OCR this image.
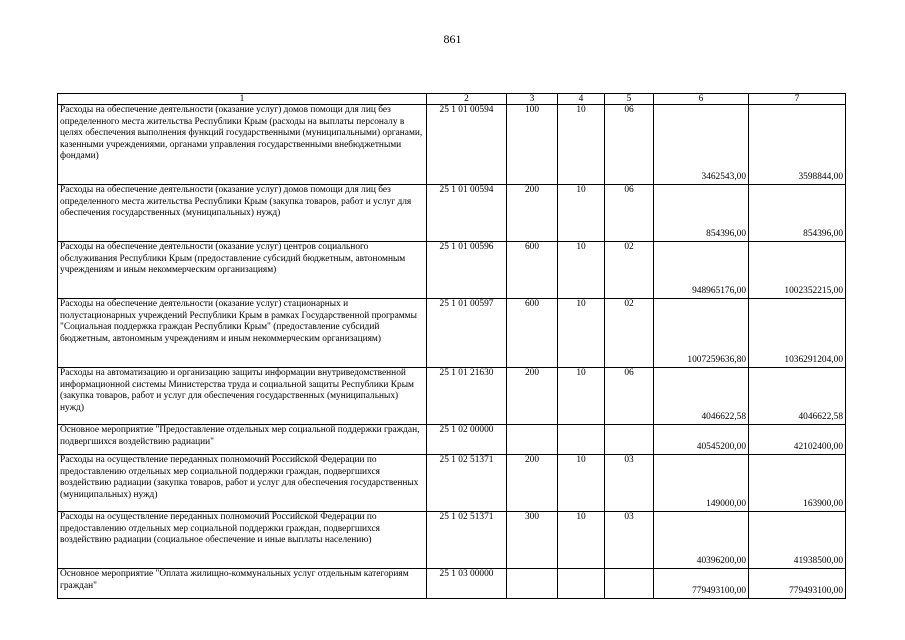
861
1	2	3	4	5	6	7
Расходы на обеспечение деятельности (оказание услуг) домов помощи для лиц без определенного места жительства Республики Крым (расходы на выплаты персоналу в целях обеспечения выполнения функций государственными (муниципальными) органами, казенными учреждениями, органами управления государственными внебюджетными фондами)	25 1 01 00594	100	10	06	3462543,00	3598844,00
Расходы на обеспечение деятельности (оказание услуг) домов помощи для лиц без определенного места жительства Республики Крым (закупка товаров, работ и услуг для обеспечения государственных (муниципальных) нужд)	25 1 01 00594	200	10	06	854396,00	854396,00
Расходы на обеспечение деятельности (оказание услуг) центров социального обслуживания Республики Крым (предоставление субсидий бюджетным, автономным учреждениям и иным некоммерческим организациям)	25 1 01 00596	600	10	02	948965176,00	1002352215,00
Расходы на обеспечение деятельности (оказание услуг) стационарных и полустационарных учреждений Республики Крым в рамках Государственной программы "Социальная поддержка граждан Республики Крым" (предоставление субсидий бюджетным, автономным учреждениям и иным некоммерческим организациям)	25 1 01 00597	600	10	02	1007259636,80	1036291204,00
Расходы на автоматизацию и организацию защиты информации внутриведомственной информационной системы Министерства труда и социальной защиты Республики Крым (закупка товаров, работ и услуг для обеспечения государственных (муниципальных) нужд)	25 1 01 21630	200	10	06	4046622,58	4046622,58
Основное мероприятие "Предоставление отдельных мер социальной поддержки граждан, подвергшихся воздействию радиации"	25 1 02 00000				40545200,00	42102400,00
Расходы на осуществление переданных полномочий Российской Федерации по предоставлению отдельных мер социальной поддержки граждан, подвергшихся воздействию радиации (закупка товаров, работ и услуг для обеспечения государственных (муниципальных) нужд)	25 1 02 51371	200	10	03	149000,00	163900,00
Расходы на осуществление переданных полномочий Российской Федерации по предоставлению отдельных мер социальной поддержки граждан, подвергшихся воздействию радиации (социальное обеспечение и иные выплаты населению)	25 1 02 51371	300	10	03	40396200,00	41938500,00
Основное мероприятие "Оплата жилищно-коммунальных услуг отдельным категориям граждан"	25 1 03 00000				779493100,00	779493100,00
